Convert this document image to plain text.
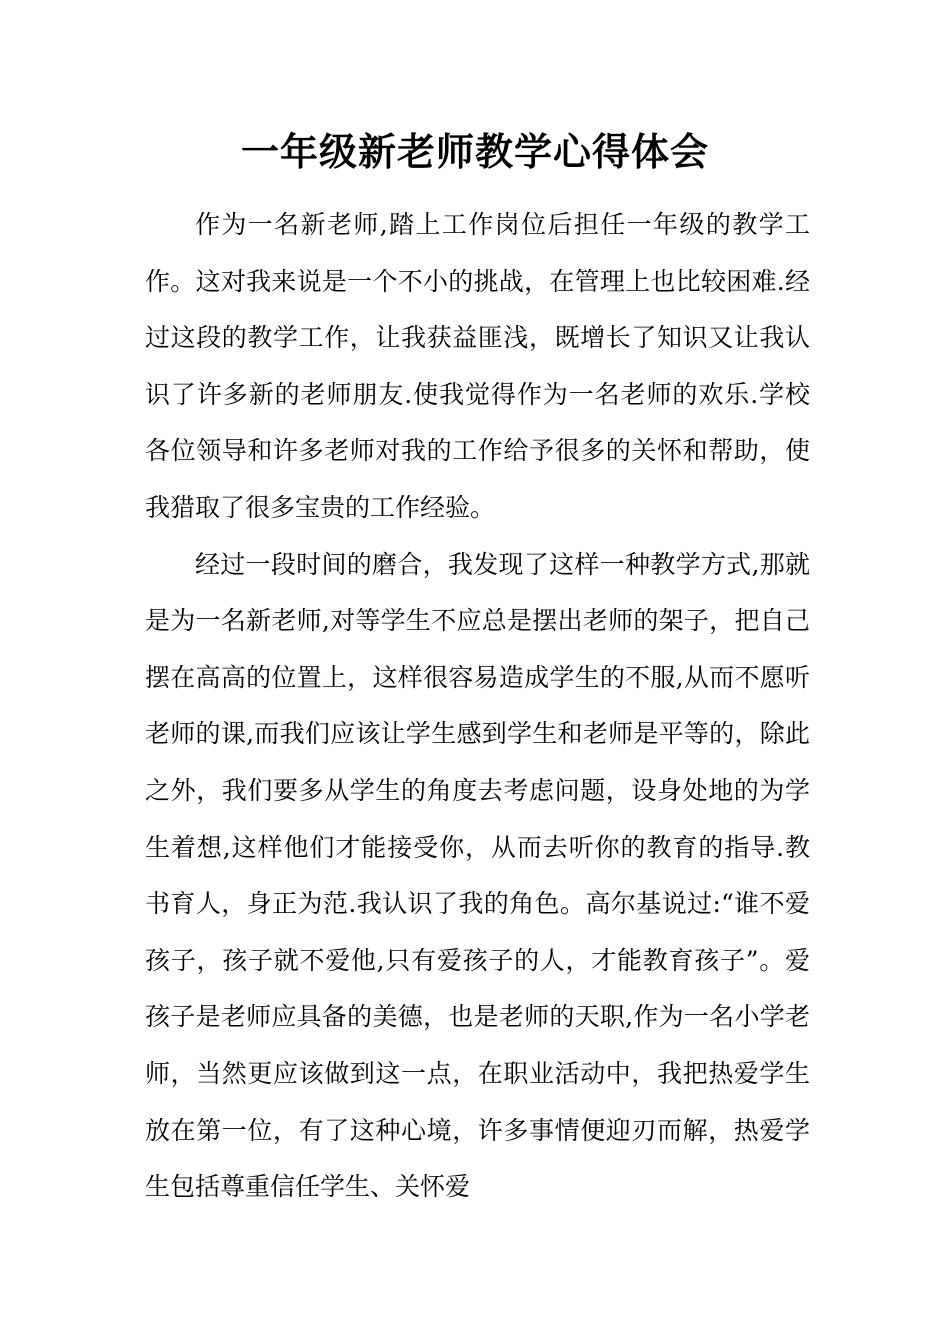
一年级新老师教学心得体会

作为一名新老师,踏上工作岗位后担任一年级的教学工作。这对我来说是一个不小的挑战，在管理上也比较困难.经过这段的教学工作，让我获益匪浅，既增长了知识又让我认识了许多新的老师朋友.使我觉得作为一名老师的欢乐.学校各位领导和许多老师对我的工作给予很多的关怀和帮助，使我猎取了很多宝贵的工作经验。

经过一段时间的磨合，我发现了这样一种教学方式,那就是为一名新老师,对等学生不应总是摆出老师的架子，把自己摆在高高的位置上，这样很容易造成学生的不服,从而不愿听老师的课,而我们应该让学生感到学生和老师是平等的，除此之外，我们要多从学生的角度去考虑问题，设身处地的为学生着想,这样他们才能接受你，从而去听你的教育的指导.教书育人，身正为范.我认识了我的角色。高尔基说过:“谁不爱孩子，孩子就不爱他,只有爱孩子的人，才能教育孩子”。爱孩子是老师应具备的美德，也是老师的天职,作为一名小学老师，当然更应该做到这一点，在职业活动中，我把热爱学生放在第一位，有了这种心境，许多事情便迎刃而解，热爱学生包括尊重信任学生、关怀爱
